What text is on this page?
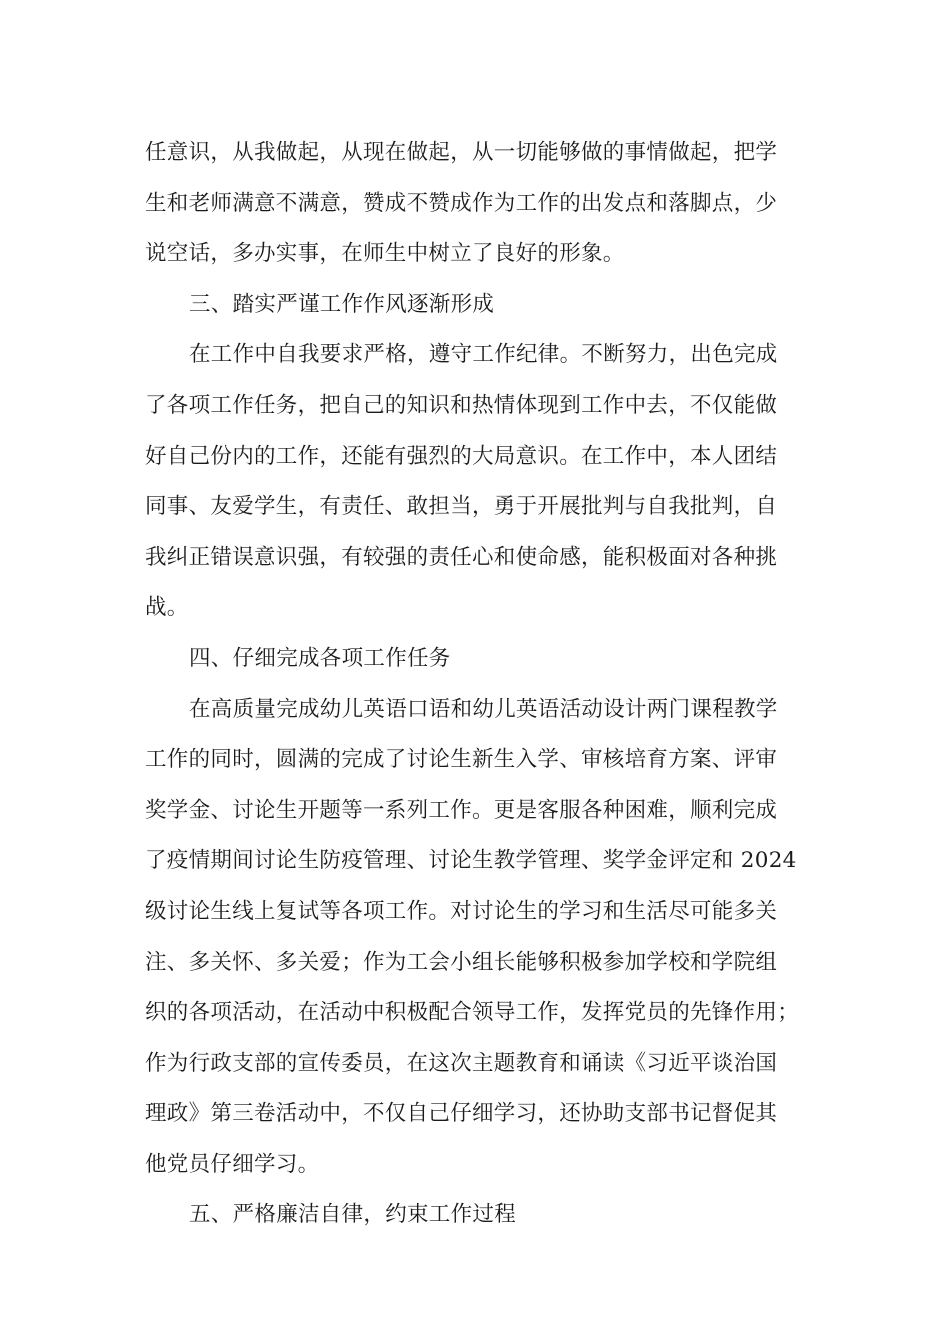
任意识，从我做起，从现在做起，从一切能够做的事情做起，把学
生和老师满意不满意，赞成不赞成作为工作的出发点和落脚点，少
说空话，多办实事，在师生中树立了良好的形象。
三、踏实严谨工作作风逐渐形成
在工作中自我要求严格，遵守工作纪律。不断努力，出色完成
了各项工作任务，把自己的知识和热情体现到工作中去，不仅能做
好自己份内的工作，还能有强烈的大局意识。在工作中，本人团结
同事、友爱学生，有责任、敢担当，勇于开展批判与自我批判，自
我纠正错误意识强，有较强的责任心和使命感，能积极面对各种挑
战。
四、仔细完成各项工作任务
在高质量完成幼儿英语口语和幼儿英语活动设计两门课程教学
工作的同时，圆满的完成了讨论生新生入学、审核培育方案、评审
奖学金、讨论生开题等一系列工作。更是客服各种困难，顺利完成
了疫情期间讨论生防疫管理、讨论生教学管理、奖学金评定和 2024
级讨论生线上复试等各项工作。对讨论生的学习和生活尽可能多关
注、多关怀、多关爱；作为工会小组长能够积极参加学校和学院组
织的各项活动，在活动中积极配合领导工作，发挥党员的先锋作用；
作为行政支部的宣传委员，在这次主题教育和诵读《习近平谈治国
理政》第三卷活动中，不仅自己仔细学习，还协助支部书记督促其
他党员仔细学习。
五、严格廉洁自律，约束工作过程
